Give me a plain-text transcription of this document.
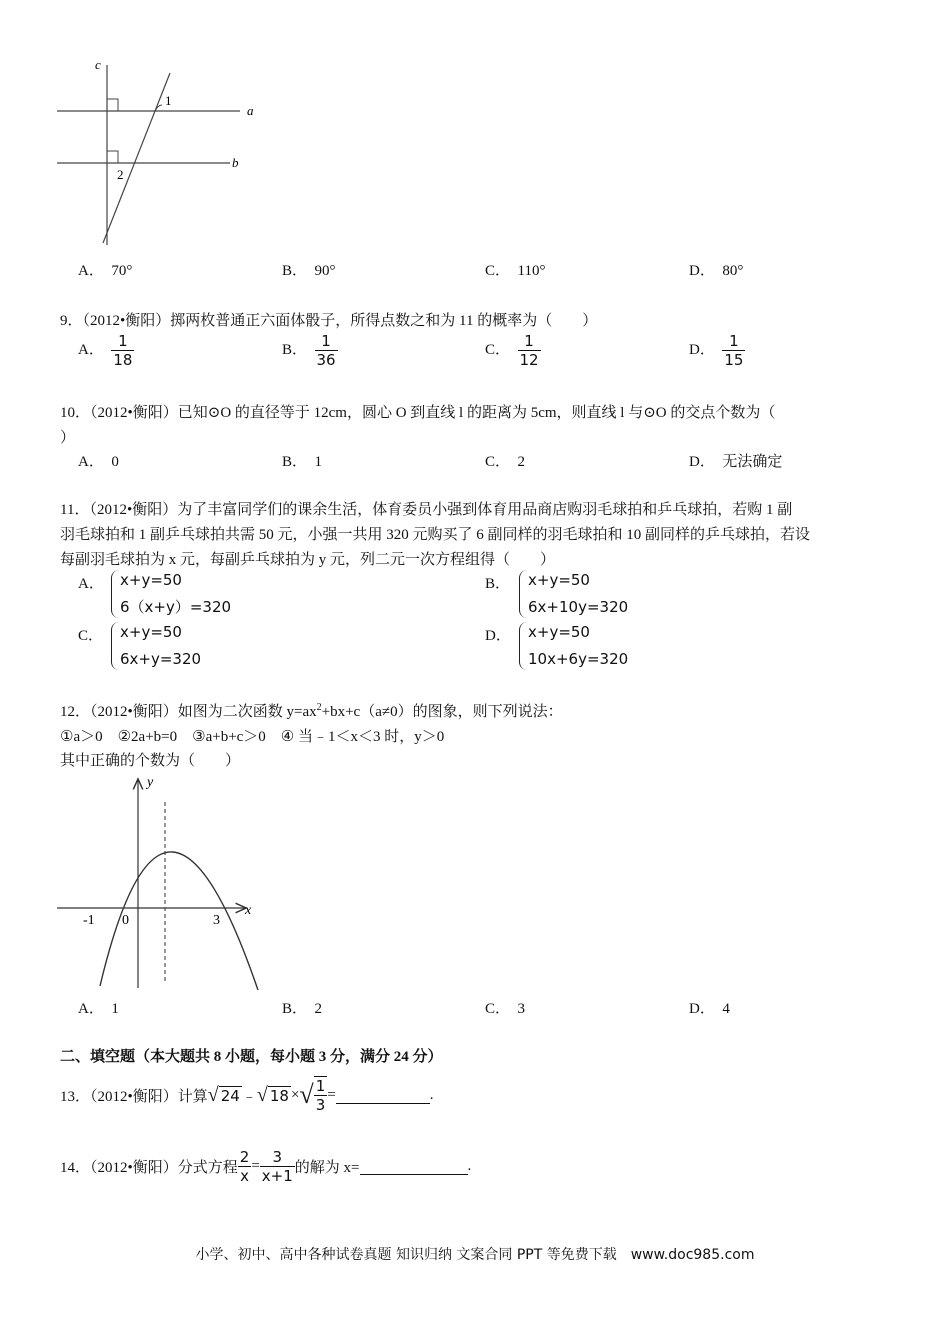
c
a
b
1
2
A． 70°	B． 90°	C． 110°	D． 80°
9．（2012•衡阳）掷两枚普通正六面体骰子，所得点数之和为 11 的概率为（　　）
A． $\frac{1}{18}$	B． $\frac{1}{36}$	C． $\frac{1}{12}$	D． $\frac{1}{15}$
10．（2012•衡阳）已知⊙O 的直径等于 12cm，圆心 O 到直线 l 的距离为 5cm，则直线 l 与⊙O 的交点个数为（
）
A． 0	B． 1	C． 2	D． 无法确定
11．（2012•衡阳）为了丰富同学们的课余生活，体育委员小强到体育用品商店购羽毛球拍和乒乓球拍，若购 1 副
羽毛球拍和 1 副乒乓球拍共需 50 元，小强一共用 320 元购买了 6 副同样的羽毛球拍和 10 副同样的乒乓球拍，若设
每副羽毛球拍为 x 元，每副乒乓球拍为 y 元，列二元一次方程组得（　　）
A． x+y=50
6（x+y）=320
B． x+y=50
6x+10y=320
C． x+y=50
6x+y=320
D． x+y=50
10x+6y=320
12．（2012•衡阳）如图为二次函数 $y=ax^2+bx+c(a\ne 0)$的图象，则下列说法：
①a＞0　②2a+b=0　③a+b+c＞0　④ 当﹣1＜x＜3 时，y＞0
其中正确的个数为（　　）
y
x
-1 0	3
A． 1	B． 2	C． 3	D． 4
二、填空题（本大题共 8 小题，每小题 3 分，满分 24 分）
13．（2012•衡阳）计算 √ 24 ﹣ √ 18 × √ $\frac{1}{3}$ =	.
14．（2012•衡阳）分式方程 $\frac{2}{x} = \frac{3}{x+1}$ 的解为 x=	.
小学、初中、高中各种试卷真题 知识归纳 文案合同 PPT 等免费下载　www.doc985.com
